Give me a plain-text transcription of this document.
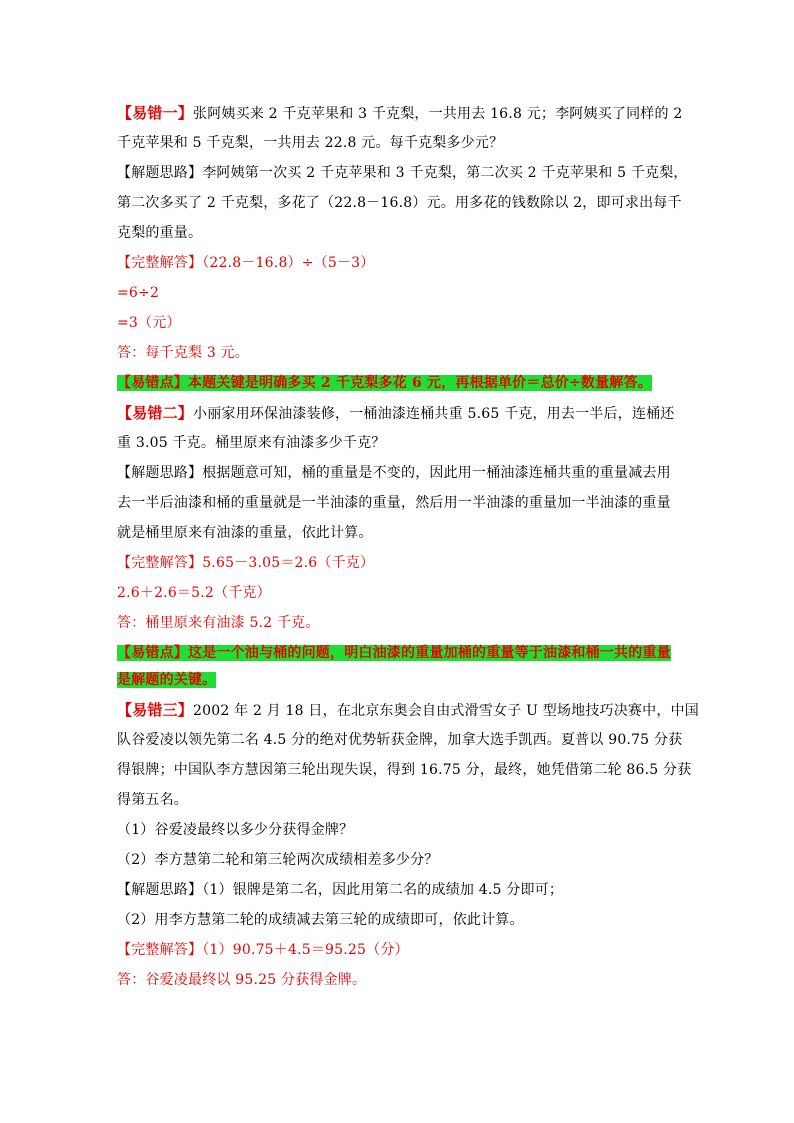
【易错一】张阿姨买来 2 千克苹果和 3 千克梨，一共用去 16.8 元；李阿姨买了同样的 2
千克苹果和 5 千克梨，一共用去 22.8 元。每千克梨多少元？
【解题思路】李阿姨第一次买 2 千克苹果和 3 千克梨，第二次买 2 千克苹果和 5 千克梨，
第二次多买了 2 千克梨，多花了（22.8－16.8）元。用多花的钱数除以 2，即可求出每千
克梨的重量。
【完整解答】（22.8－16.8）÷（5－3）
=6÷2
=3（元）
答：每千克梨 3 元。
【易错点】本题关键是明确多买 2 千克梨多花 6 元，再根据单价＝总价÷数量解答。
【易错二】小丽家用环保油漆装修，一桶油漆连桶共重 5.65 千克，用去一半后，连桶还
重 3.05 千克。桶里原来有油漆多少千克？
【解题思路】根据题意可知，桶的重量是不变的，因此用一桶油漆连桶共重的重量减去用
去一半后油漆和桶的重量就是一半油漆的重量，然后用一半油漆的重量加一半油漆的重量
就是桶里原来有油漆的重量，依此计算。
【完整解答】5.65－3.05＝2.6（千克）
2.6＋2.6＝5.2（千克）
答：桶里原来有油漆 5.2 千克。
【易错点】这是一个油与桶的问题，明白油漆的重量加桶的重量等于油漆和桶一共的重量
是解题的关键。
【易错三】2002 年 2 月 18 日，在北京东奥会自由式滑雪女子 U 型场地技巧决赛中，中国
队谷爱凌以领先第二名 4.5 分的绝对优势斩获金牌，加拿大选手凯西。夏普以 90.75 分获
得银牌；中国队李方慧因第三轮出现失误，得到 16.75 分，最终，她凭借第二轮 86.5 分获
得第五名。
（1）谷爱凌最终以多少分获得金牌？
（2）李方慧第二轮和第三轮两次成绩相差多少分？
【解题思路】（1）银牌是第二名，因此用第二名的成绩加 4.5 分即可；
（2）用李方慧第二轮的成绩减去第三轮的成绩即可，依此计算。
【完整解答】（1）90.75＋4.5＝95.25（分）
答：谷爱凌最终以 95.25 分获得金牌。
